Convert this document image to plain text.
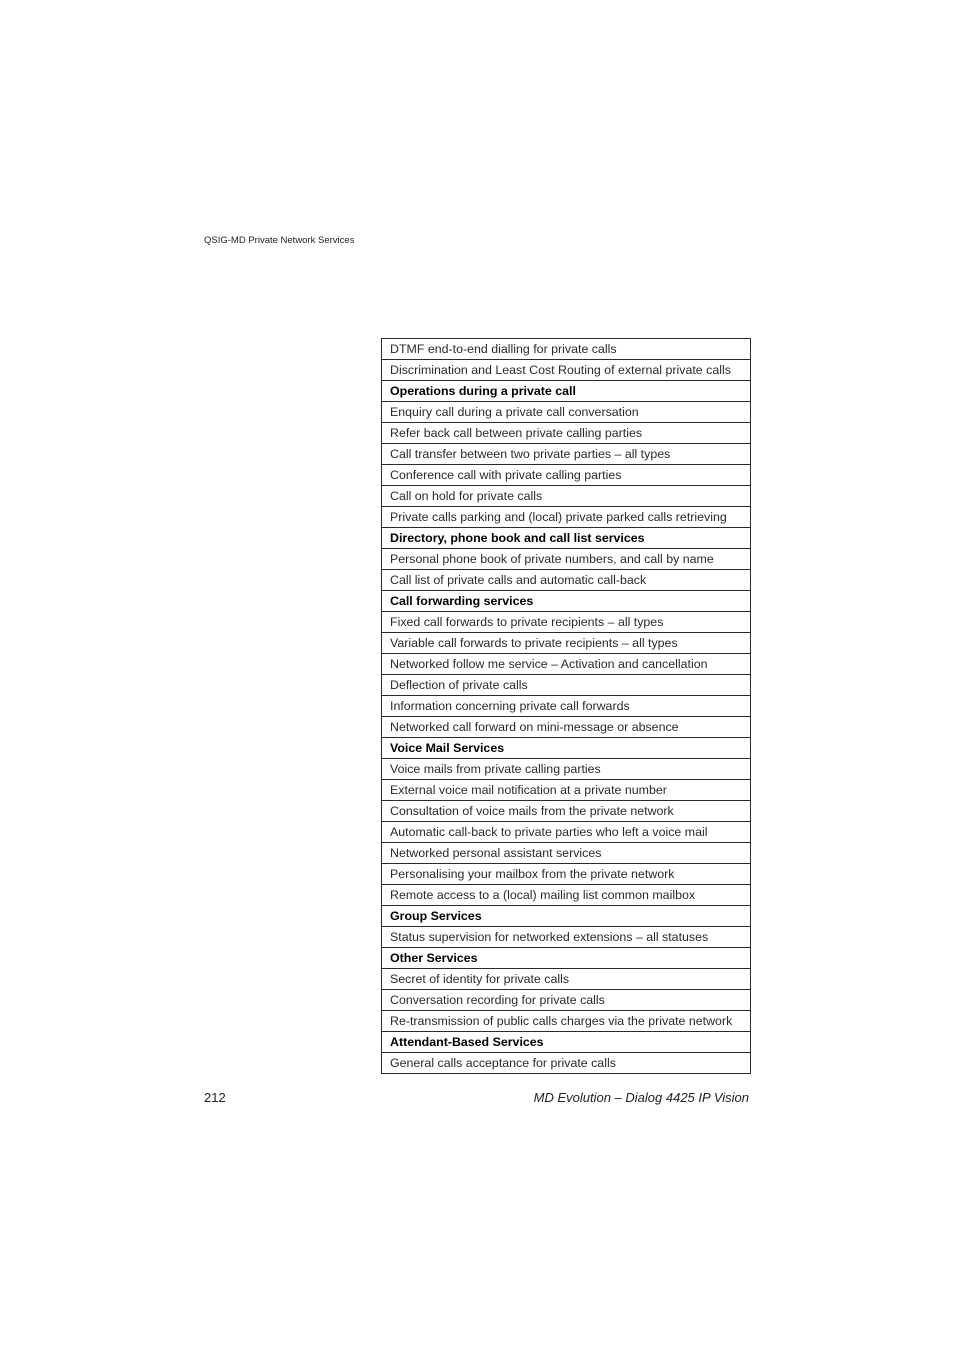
QSIG-MD Private Network Services
DTMF end-to-end dialling for private calls
Discrimination and Least Cost Routing of external private calls
Operations during a private call
Enquiry call during a private call conversation
Refer back call between private calling parties
Call transfer between two private parties – all types
Conference call with private calling parties
Call on hold for private calls
Private calls parking and (local) private parked calls retrieving
Directory, phone book and call list services
Personal phone book of private numbers, and call by name
Call list of private calls and automatic call-back
Call forwarding services
Fixed call forwards to private recipients – all types
Variable call forwards to private recipients – all types
Networked follow me service – Activation and cancellation
Deflection of private calls
Information concerning private call forwards
Networked call forward on mini-message or absence
Voice Mail Services
Voice mails from private calling parties
External voice mail notification at a private number
Consultation of voice mails from the private network
Automatic call-back to private parties who left a voice mail
Networked personal assistant services
Personalising your mailbox from the private network
Remote access to a (local) mailing list common mailbox
Group Services
Status supervision for networked extensions – all statuses
Other Services
Secret of identity for private calls
Conversation recording for private calls
Re-transmission of public calls charges via the private network
Attendant-Based Services
General calls acceptance for private calls
212	MD Evolution – Dialog 4425 IP Vision
